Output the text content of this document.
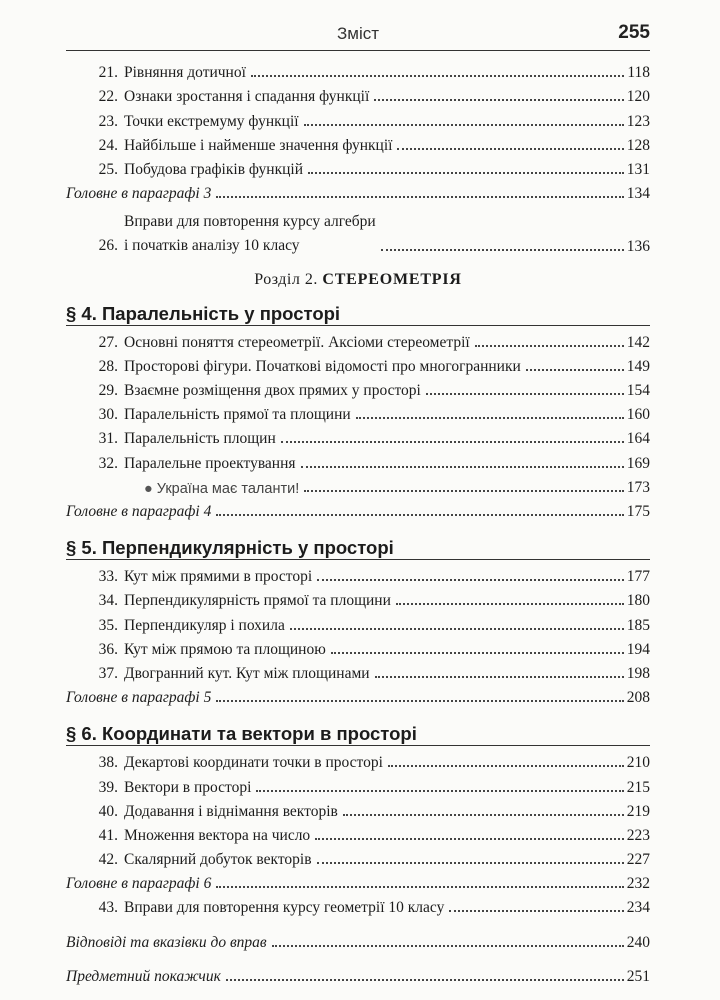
Зміст	255
21. Рівняння дотичної	118
22. Ознаки зростання і спадання функції	120
23. Точки екстремуму функції	123
24. Найбільше і найменше значення функції	128
25. Побудова графіків функцій	131
Головне в параграфі 3	134
26.
Вправи для повторення курсу алгебри
і початків аналізу 10 класу	136
Розділ 2. СТЕРЕОМЕТРІЯ
§ 4. Паралельність у просторі
27. Основні поняття стереометрії. Аксіоми стереометрії	142
28. Просторові фігури. Початкові відомості про многогранники	149
29. Взаємне розміщення двох прямих у просторі	154
30. Паралельність прямої та площини	160
31. Паралельність площин	164
32. Паралельне проектування	169
● Україна має таланти!	173
Головне в параграфі 4	175
§ 5. Перпендикулярність у просторі
33. Кут між прямими в просторі	177
34. Перпендикулярність прямої та площини	180
35. Перпендикуляр і похила	185
36. Кут між прямою та площиною	194
37. Двогранний кут. Кут між площинами	198
Головне в параграфі 5	208
§ 6. Координати та вектори в просторі
38. Декартові координати точки в просторі	210
39. Вектори в просторі	215
40. Додавання і віднімання векторів	219
41. Множення вектора на число	223
42. Скалярний добуток векторів	227
Головне в параграфі 6	232
43. Вправи для повторення курсу геометрії 10 класу	234
Відповіді та вказівки до вправ	240
Предметний покажчик	251
